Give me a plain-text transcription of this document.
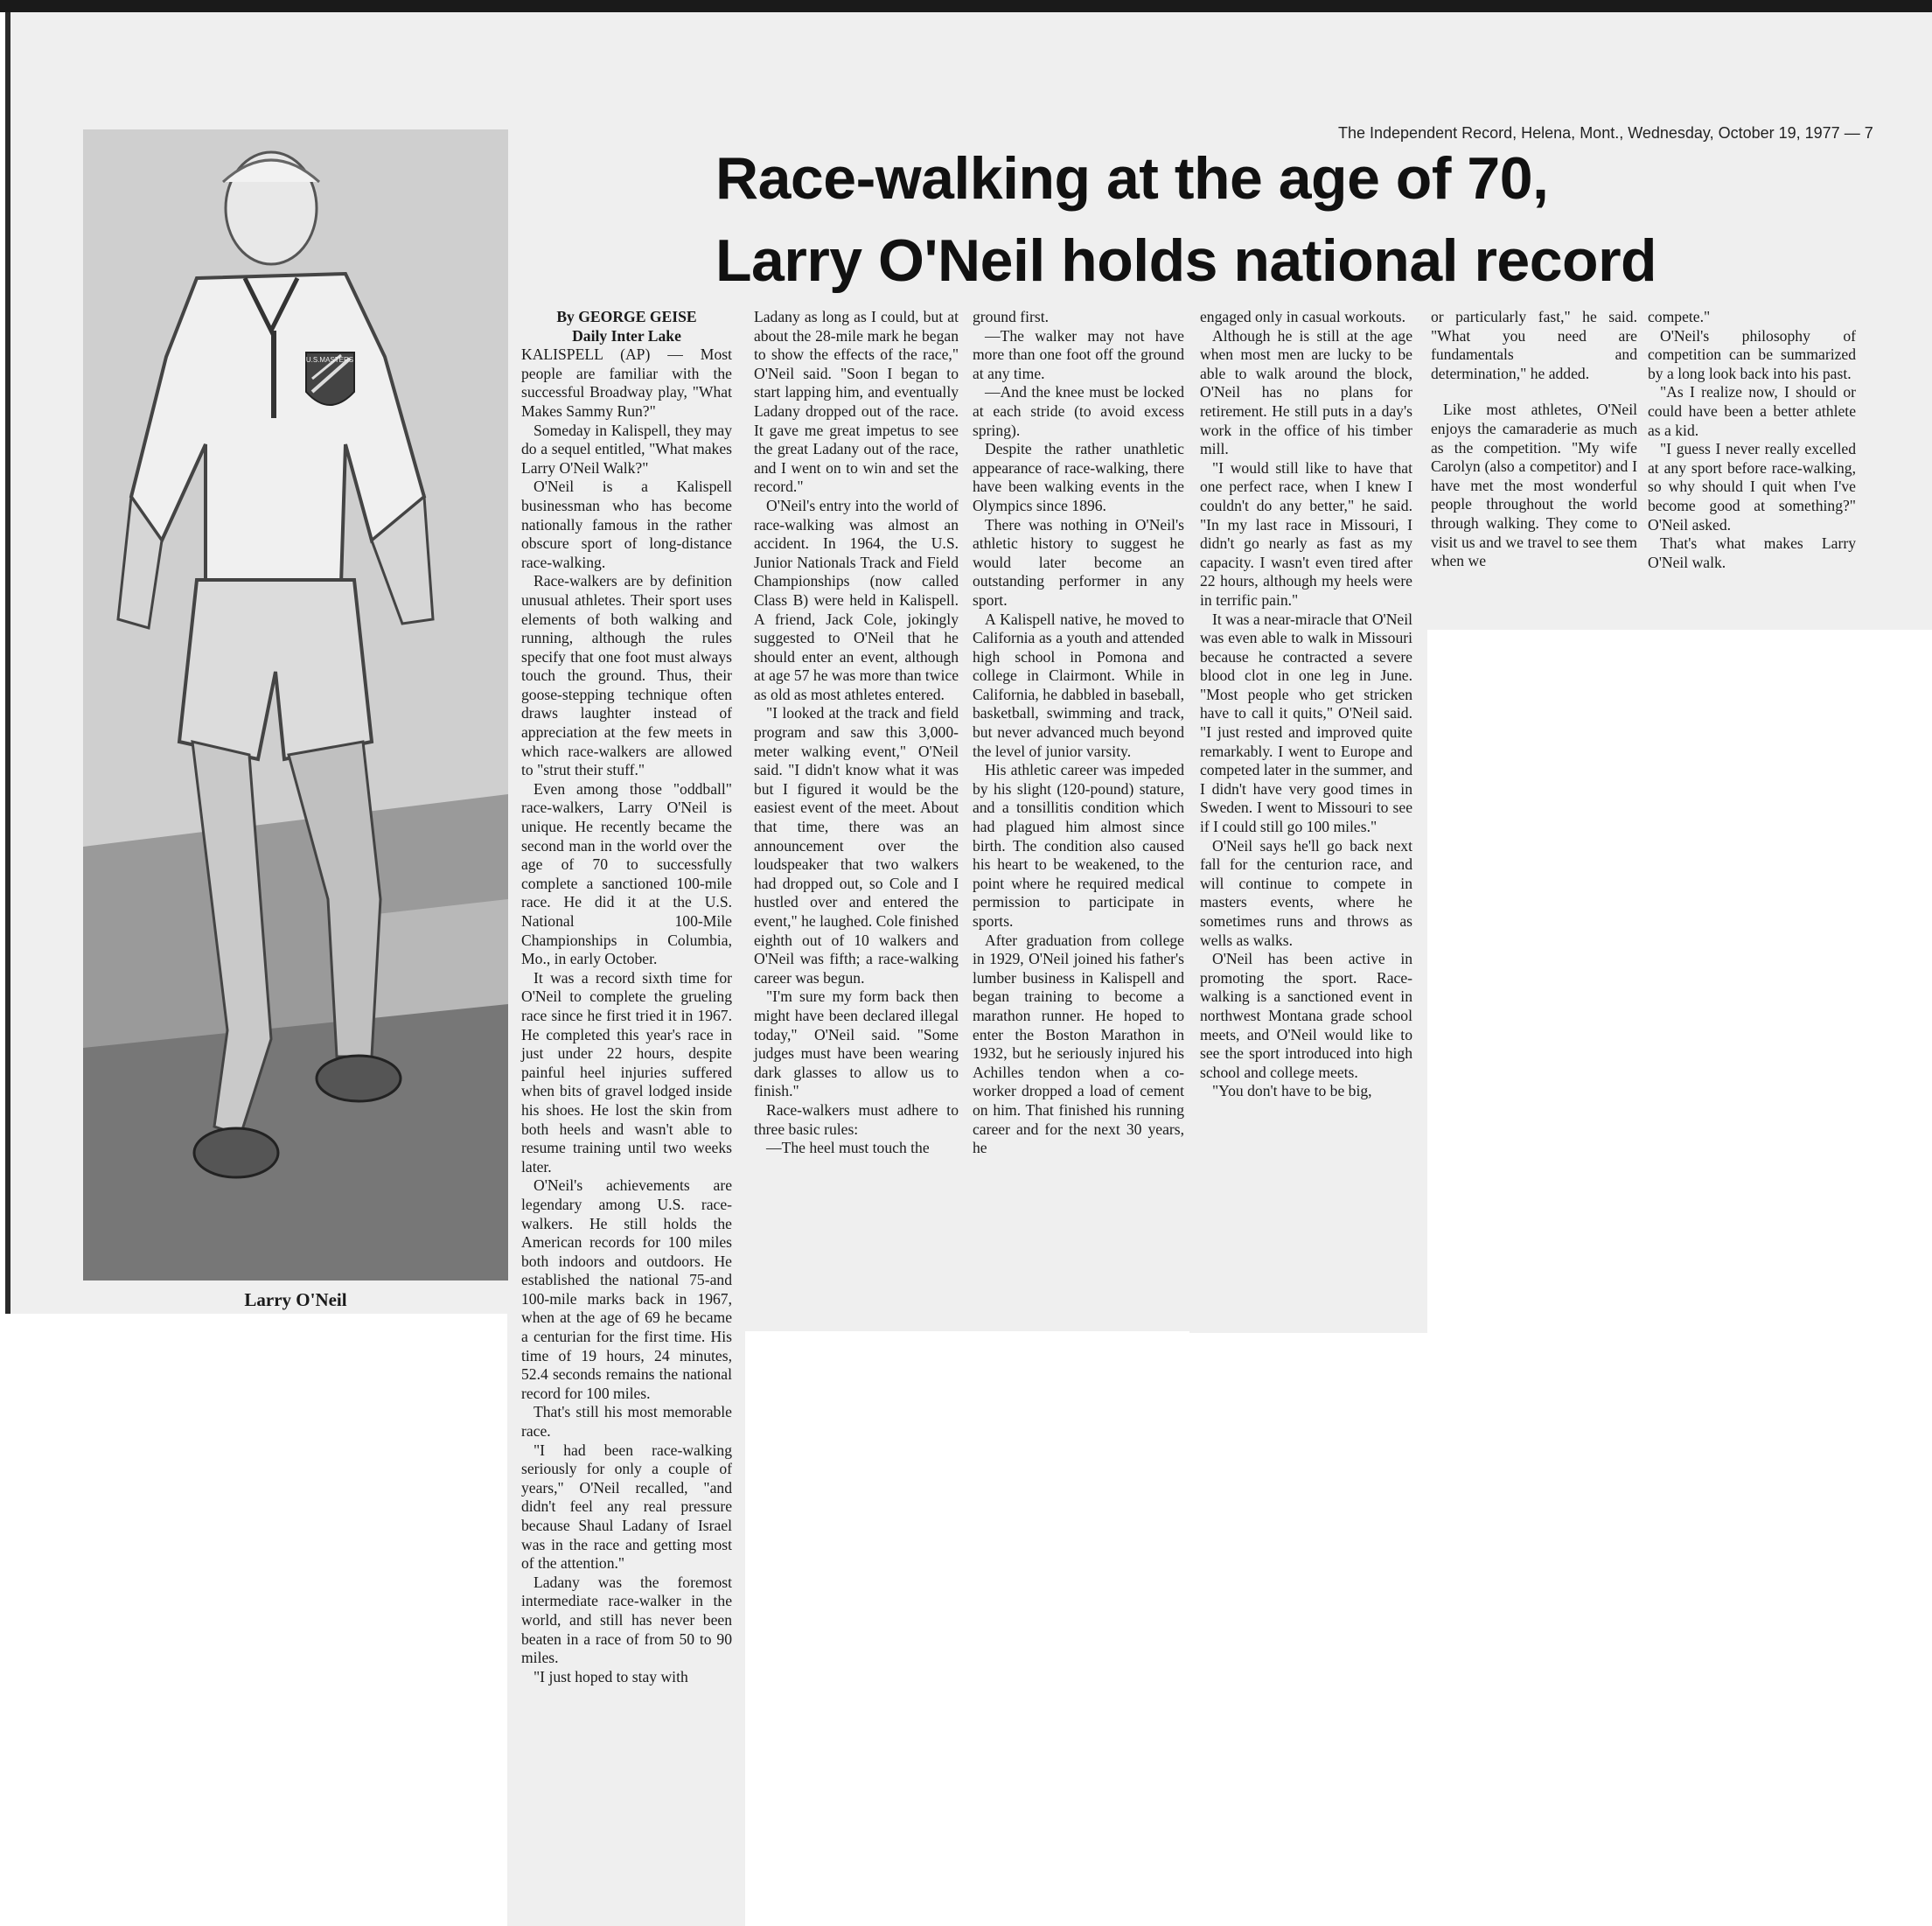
The Independent Record, Helena, Mont., Wednesday, October 19, 1977 — 7
Race-walking at the age of 70,
Larry O'Neil holds national record
U.S.MASTERS
Larry O'Neil

By GEORGE GEISE

Daily Inter Lake

KALISPELL (AP) — Most people are familiar with the successful Broadway play, "What Makes Sammy Run?"

Someday in Kalispell, they may do a sequel entitled, "What makes Larry O'Neil Walk?"

O'Neil is a Kalispell businessman who has become nationally famous in the rather obscure sport of long-distance race-walking.

Race-walkers are by definition unusual athletes. Their sport uses elements of both walking and running, although the rules specify that one foot must always touch the ground. Thus, their goose-stepping technique often draws laughter instead of appreciation at the few meets in which race-walkers are allowed to "strut their stuff."

Even among those "oddball" race-walkers, Larry O'Neil is unique. He recently became the second man in the world over the age of 70 to successfully complete a sanctioned 100-mile race. He did it at the U.S. National 100-Mile Championships in Columbia, Mo., in early October.

It was a record sixth time for O'Neil to complete the grueling race since he first tried it in 1967. He completed this year's race in just under 22 hours, despite painful heel injuries suffered when bits of gravel lodged inside his shoes. He lost the skin from both heels and wasn't able to resume training until two weeks later.

O'Neil's achievements are legendary among U.S. race-walkers. He still holds the American records for 100 miles both indoors and outdoors. He established the national 75-and 100-mile marks back in 1967, when at the age of 69 he became a centurian for the first time. His time of 19 hours, 24 minutes, 52.4 seconds remains the national record for 100 miles.

That's still his most memorable race.

"I had been race-walking seriously for only a couple of years," O'Neil recalled, "and didn't feel any real pressure because Shaul Ladany of Israel was in the race and getting most of the attention."

Ladany was the foremost intermediate race-walker in the world, and still has never been beaten in a race of from 50 to 90 miles.

"I just hoped to stay with

Ladany as long as I could, but at about the 28-mile mark he began to show the effects of the race," O'Neil said. "Soon I began to start lapping him, and eventually Ladany dropped out of the race. It gave me great impetus to see the great Ladany out of the race, and I went on to win and set the record."

O'Neil's entry into the world of race-walking was almost an accident. In 1964, the U.S. Junior Nationals Track and Field Championships (now called Class B) were held in Kalispell. A friend, Jack Cole, jokingly suggested to O'Neil that he should enter an event, although at age 57 he was more than twice as old as most athletes entered.

"I looked at the track and field program and saw this 3,000-meter walking event," O'Neil said. "I didn't know what it was but I figured it would be the easiest event of the meet. About that time, there was an announcement over the loudspeaker that two walkers had dropped out, so Cole and I hustled over and entered the event," he laughed. Cole finished eighth out of 10 walkers and O'Neil was fifth; a race-walking career was begun.

"I'm sure my form back then might have been declared illegal today," O'Neil said. "Some judges must have been wearing dark glasses to allow us to finish."

Race-walkers must adhere to three basic rules:

—The heel must touch the

ground first.

—The walker may not have more than one foot off the ground at any time.

—And the knee must be locked at each stride (to avoid excess spring).

Despite the rather unathletic appearance of race-walking, there have been walking events in the Olympics since 1896.

There was nothing in O'Neil's athletic history to suggest he would later become an outstanding performer in any sport.

A Kalispell native, he moved to California as a youth and attended high school in Pomona and college in Clairmont. While in California, he dabbled in baseball, basketball, swimming and track, but never advanced much beyond the level of junior varsity.

His athletic career was impeded by his slight (120-pound) stature, and a tonsillitis condition which had plagued him almost since birth. The condition also caused his heart to be weakened, to the point where he required medical permission to participate in sports.

After graduation from college in 1929, O'Neil joined his father's lumber business in Kalispell and began training to become a marathon runner. He hoped to enter the Boston Marathon in 1932, but he seriously injured his Achilles tendon when a co-worker dropped a load of cement on him. That finished his running career and for the next 30 years, he

engaged only in casual workouts.

Although he is still at the age when most men are lucky to be able to walk around the block, O'Neil has no plans for retirement. He still puts in a day's work in the office of his timber mill.

"I would still like to have that one perfect race, when I knew I couldn't do any better," he said. "In my last race in Missouri, I didn't go nearly as fast as my capacity. I wasn't even tired after 22 hours, although my heels were in terrific pain."

It was a near-miracle that O'Neil was even able to walk in Missouri because he contracted a severe blood clot in one leg in June. "Most people who get stricken have to call it quits," O'Neil said. "I just rested and improved quite remarkably. I went to Europe and competed later in the summer, and I didn't have very good times in Sweden. I went to Missouri to see if I could still go 100 miles."

O'Neil says he'll go back next fall for the centurion race, and will continue to compete in masters events, where he sometimes runs and throws as wells as walks.

O'Neil has been active in promoting the sport. Race-walking is a sanctioned event in northwest Montana grade school meets, and O'Neil would like to see the sport introduced into high school and college meets.

"You don't have to be big,

or particularly fast," he said. "What you need are fundamentals and determination," he added.

Like most athletes, O'Neil enjoys the camaraderie as much as the competition. "My wife Carolyn (also a competitor) and I have met the most wonderful people throughout the world through walking. They come to visit us and we travel to see them when we

compete."

O'Neil's philosophy of competition can be summarized by a long look back into his past.

"As I realize now, I should or could have been a better athlete as a kid.

"I guess I never really excelled at any sport before race-walking, so why should I quit when I've become good at something?" O'Neil asked.

That's what makes Larry O'Neil walk.
